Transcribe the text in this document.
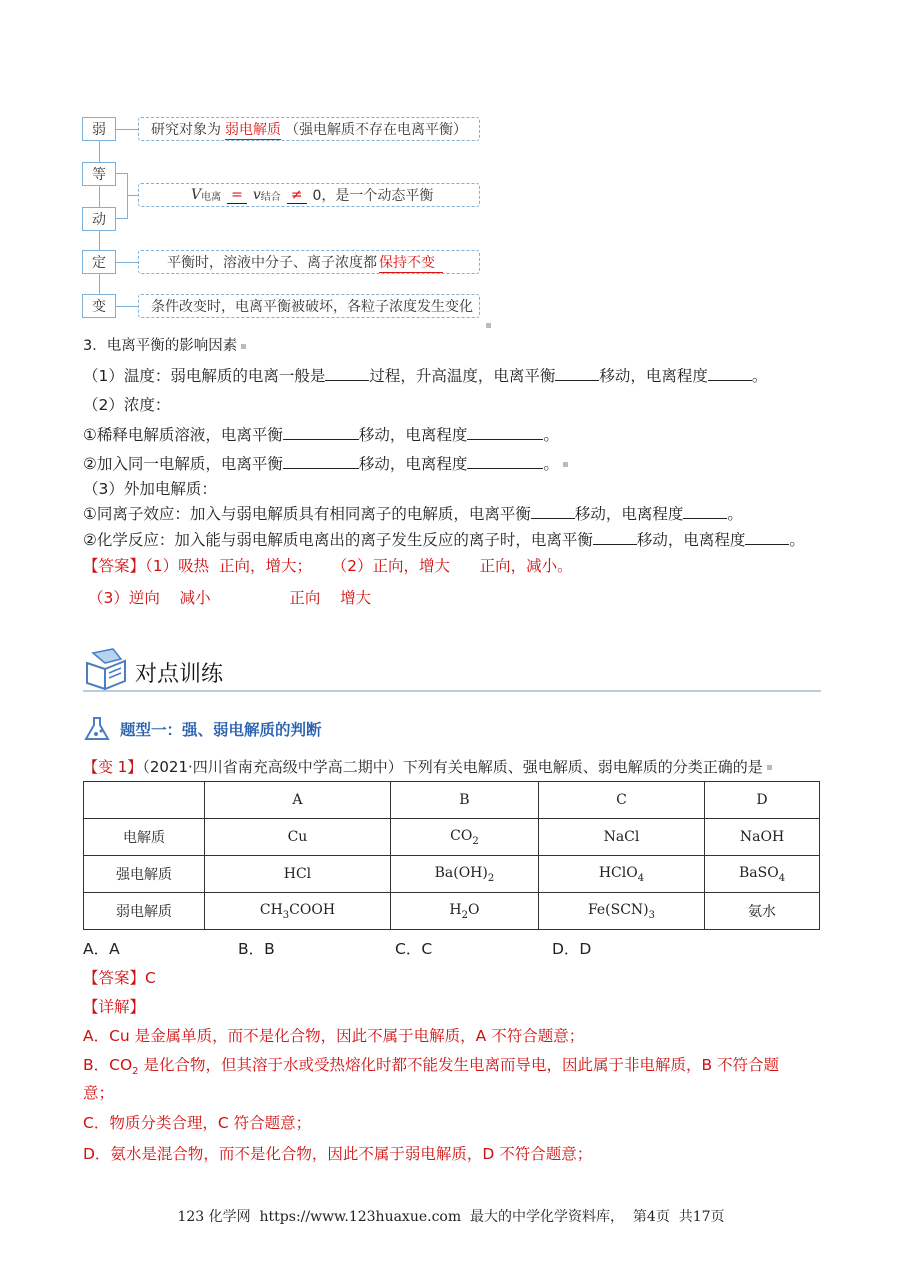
弱
等
动
定
变
研究对象为 弱电解质 （强电解质不存在电离平衡）
V 电离 = v 结合 ≠ 0，是一个动态平衡
平衡时，溶液中分子、离子浓度都 保持不变
条件改变时，电离平衡被破坏，各粒子浓度发生变化
3．电离平衡的影响因素
（1）温度：弱电解质的电离一般是	过程，升高温度，电离平衡	移动，电离程度	。
（2）浓度：
①稀释电解质溶液，电离平衡	移动，电离程度	。
②加入同一电解质，电离平衡	移动，电离程度	。
（3）外加电解质：
①同离子效应：加入与弱电解质具有相同离子的电解质，电离平衡	移动，电离程度	。
②化学反应：加入能与弱电解质电离出的离子发生反应的离子时，电离平衡	移动，电离程度	。
【答案】（1）吸热  正向，增大；    （2）正向，增大      正向，减小。
（3）逆向    减小                正向    增大
对点训练
题型一：强、弱电解质的判断
【变 1】（2021·四川省南充高级中学高二期中）下列有关电解质、强电解质、弱电解质的分类正确的是
	A	B	C	D
电解质	Cu	$CO_2$	NaCl	NaOH
强电解质	HCl	$Ba(OH)_2$	HClO$_4$	BaSO$_4$
弱电解质	$CH_3COOH$	$H_2O$	$Fe(SCN)_3$	氨水
A．A	B．B	C．C	D．D
【答案】C
【详解】
A．Cu 是金属单质，而不是化合物，因此不属于电解质，A 不符合题意；
B．$CO_2$ 是化合物，但其溶于水或受热熔化时都不能发生电离而导电，因此属于非电解质，B 不符合题
意；
C．物质分类合理，C 符合题意；
D．氨水是混合物，而不是化合物，因此不属于弱电解质，D 不符合题意；
123 化学网  https://www.123huaxue.com  最大的中学化学资料库，  第4页  共17页
